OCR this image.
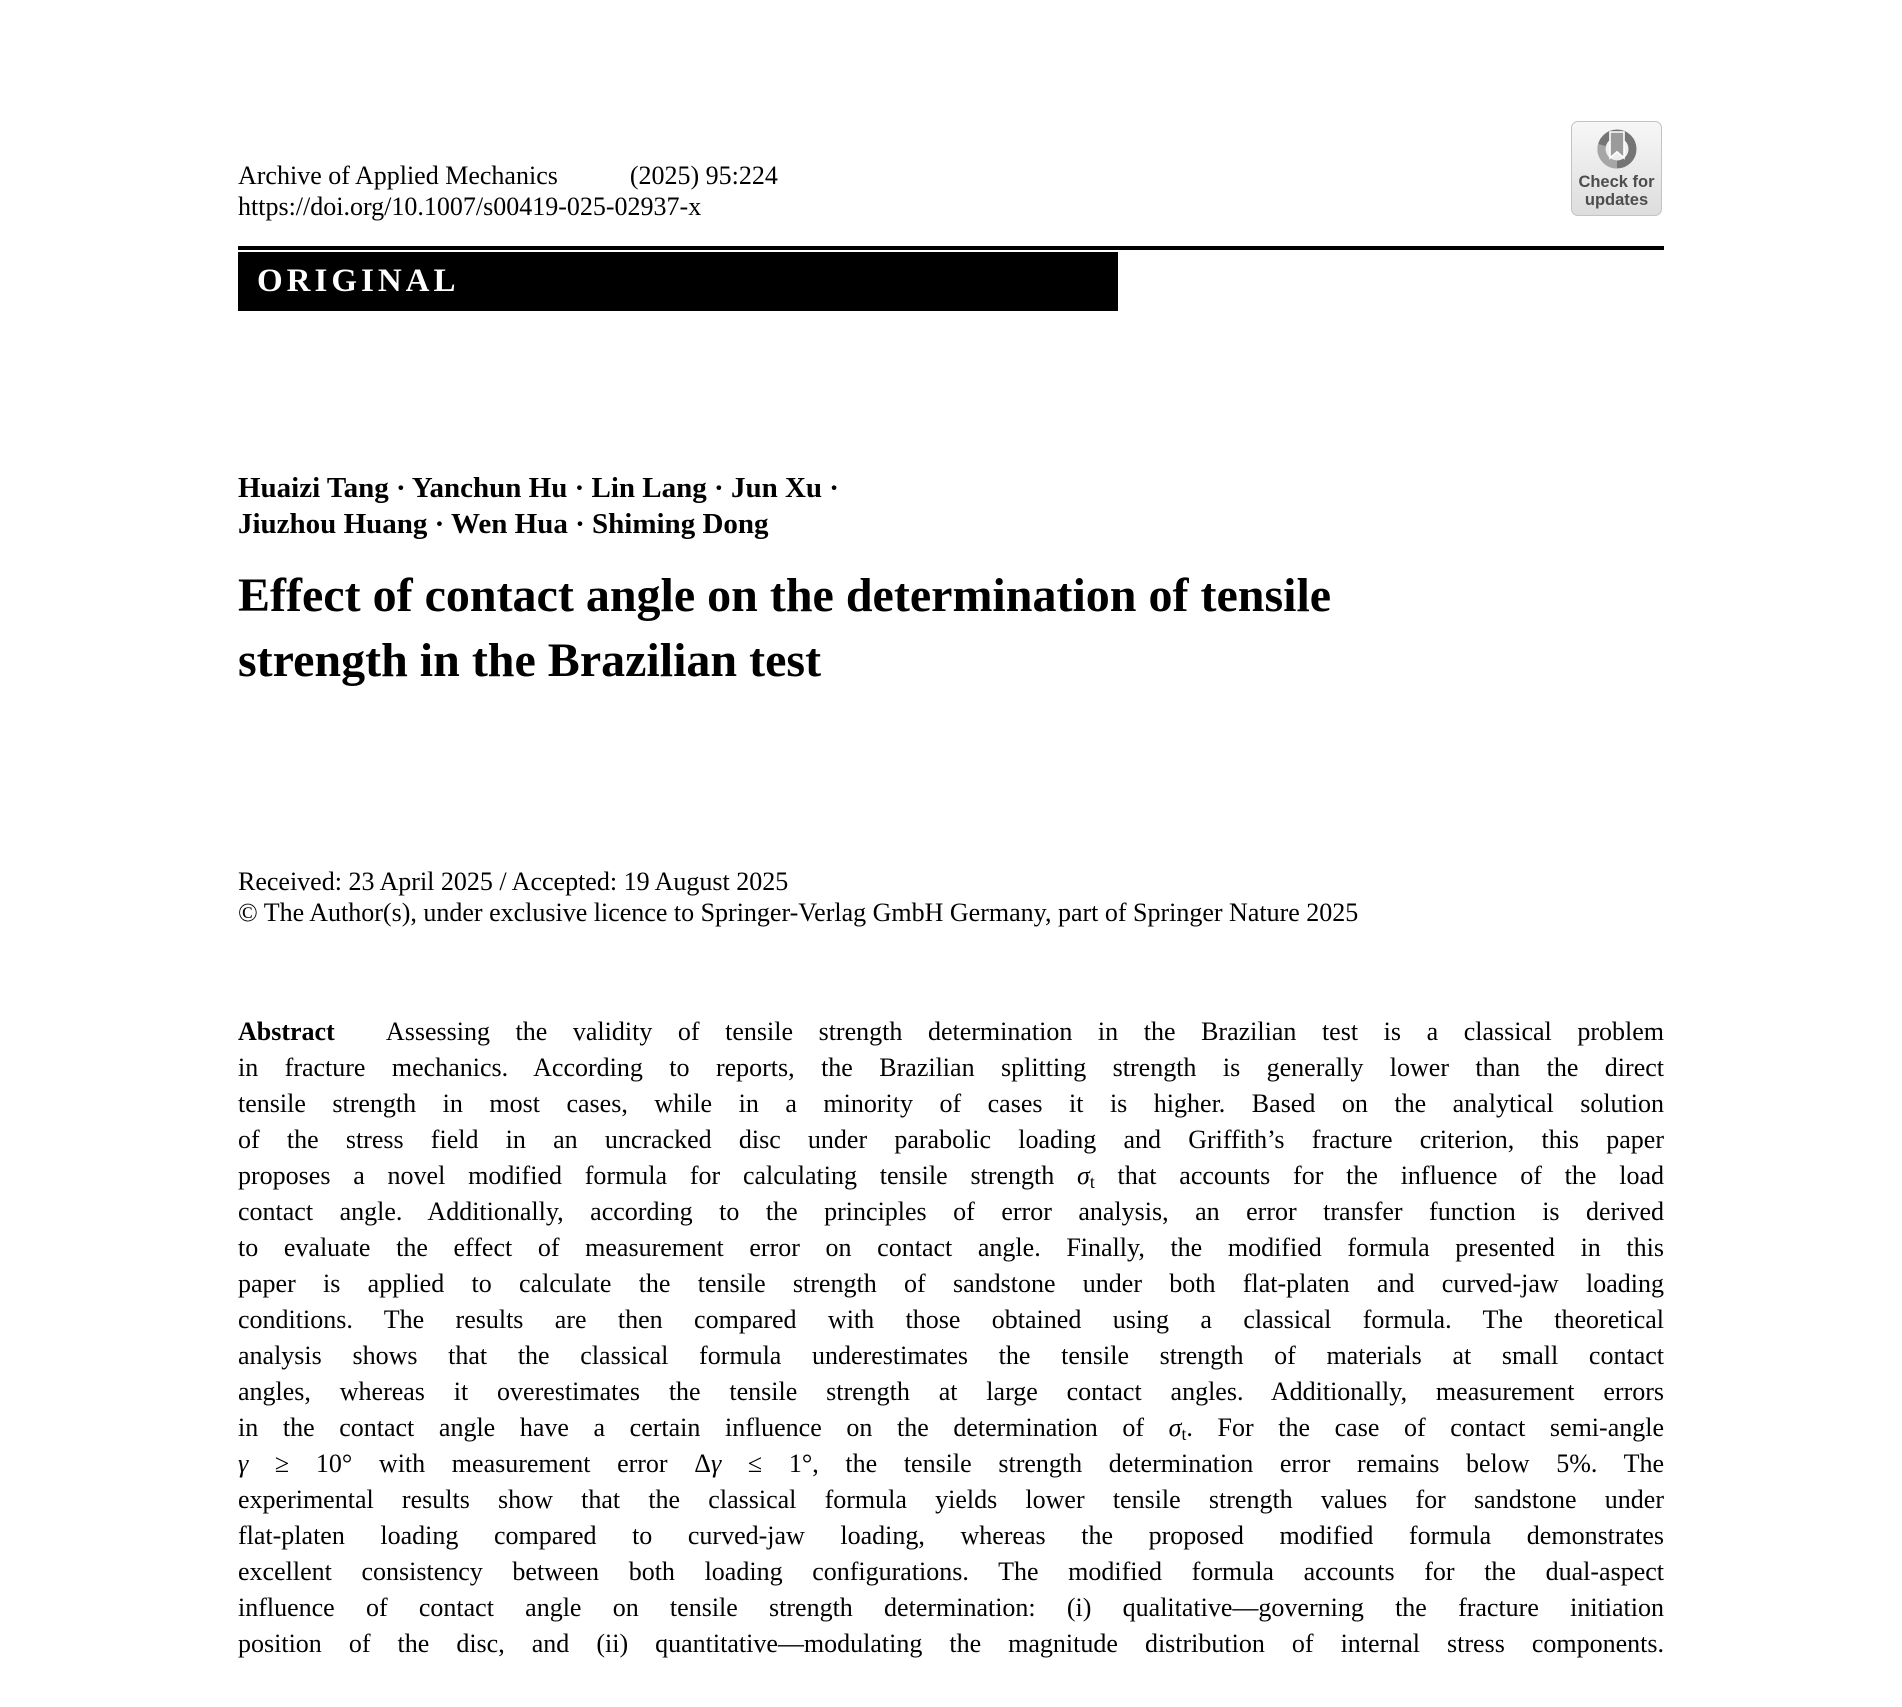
Archive of Applied Mechanics	(2025) 95:224
https://doi.org/10.1007/s00419-025-02937-x
Check for
updates
ORIGINAL
Huaizi Tang · Yanchun Hu · Lin Lang · Jun Xu ·
Jiuzhou Huang · Wen Hua · Shiming Dong
Effect of contact angle on the determination of tensile
strength in the Brazilian test
Received: 23 April 2025 / Accepted: 19 August 2025
© The Author(s), under exclusive licence to Springer-Verlag GmbH Germany, part of Springer Nature 2025
Abstract  Assessing the validity of tensile strength determination in the Brazilian test is a classical problem
in fracture mechanics. According to reports, the Brazilian splitting strength is generally lower than the direct
tensile strength in most cases, while in a minority of cases it is higher. Based on the analytical solution
of the stress field in an uncracked disc under parabolic loading and Griffith’s fracture criterion, this paper
proposes a novel modified formula for calculating tensile strength $\sigma_t$ that accounts for the influence of the load
contact angle. Additionally, according to the principles of error analysis, an error transfer function is derived
to evaluate the effect of measurement error on contact angle. Finally, the modified formula presented in this
paper is applied to calculate the tensile strength of sandstone under both flat-platen and curved-jaw loading
conditions. The results are then compared with those obtained using a classical formula. The theoretical
analysis shows that the classical formula underestimates the tensile strength of materials at small contact
angles, whereas it overestimates the tensile strength at large contact angles. Additionally, measurement errors
in the contact angle have a certain influence on the determination of $\sigma_t$. For the case of contact semi-angle
γ ≥ 10° with measurement error Δγ ≤ 1°, the tensile strength determination error remains below 5%. The
experimental results show that the classical formula yields lower tensile strength values for sandstone under
flat-platen loading compared to curved-jaw loading, whereas the proposed modified formula demonstrates
excellent consistency between both loading configurations. The modified formula accounts for the dual-aspect
influence of contact angle on tensile strength determination: (i) qualitative—governing the fracture initiation
position of the disc, and (ii) quantitative—modulating the magnitude distribution of internal stress components.
